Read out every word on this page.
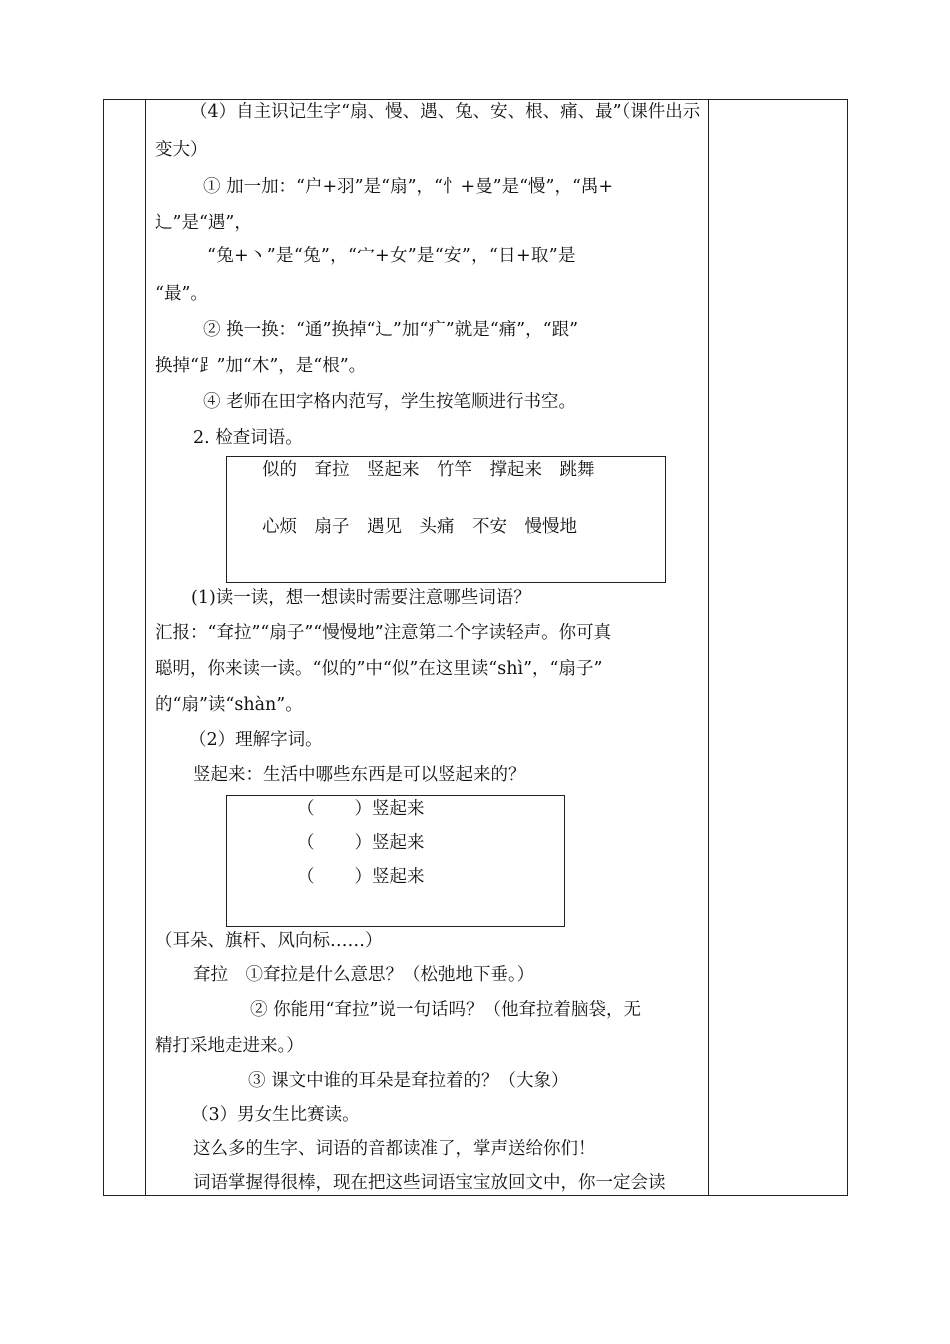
（4）自主识记生字“扇、慢、遇、兔、安、根、痛、最”（课件出示
变大）
① 加一加：“户+羽”是“扇”，“忄+曼”是“慢”，“禺+
辶”是“遇”，
“兔+丶”是“兔”，“宀+女”是“安”，“日+取”是
“最”。
② 换一换：“通”换掉“辶”加“疒”就是“痛”，“跟”
换掉“⻊”加“木”，是“根”。
④ 老师在田字格内范写，学生按笔顺进行书空。
2. 检查词语。
似的　耷拉　竖起来　竹竿　撑起来　跳舞
心烦　扇子　遇见　头痛　不安　慢慢地
(1)读一读，想一想读时需要注意哪些词语？
汇报：“耷拉”“扇子”“慢慢地”注意第二个字读轻声。你可真
聪明，你来读一读。“似的”中“似”在这里读“shì”，“扇子”
的“扇”读“shàn”。
（2）理解字词。
竖起来：生活中哪些东西是可以竖起来的？
（ ）竖起来
（ ）竖起来
（ ）竖起来
（耳朵、旗杆、风向标……）
耷拉　①耷拉是什么意思？（松弛地下垂。）
② 你能用“耷拉”说一句话吗？（他耷拉着脑袋，无
精打采地走进来。）
③ 课文中谁的耳朵是耷拉着的？（大象）
（3）男女生比赛读。
这么多的生字、词语的音都读准了，掌声送给你们！
词语掌握得很棒，现在把这些词语宝宝放回文中，你一定会读
